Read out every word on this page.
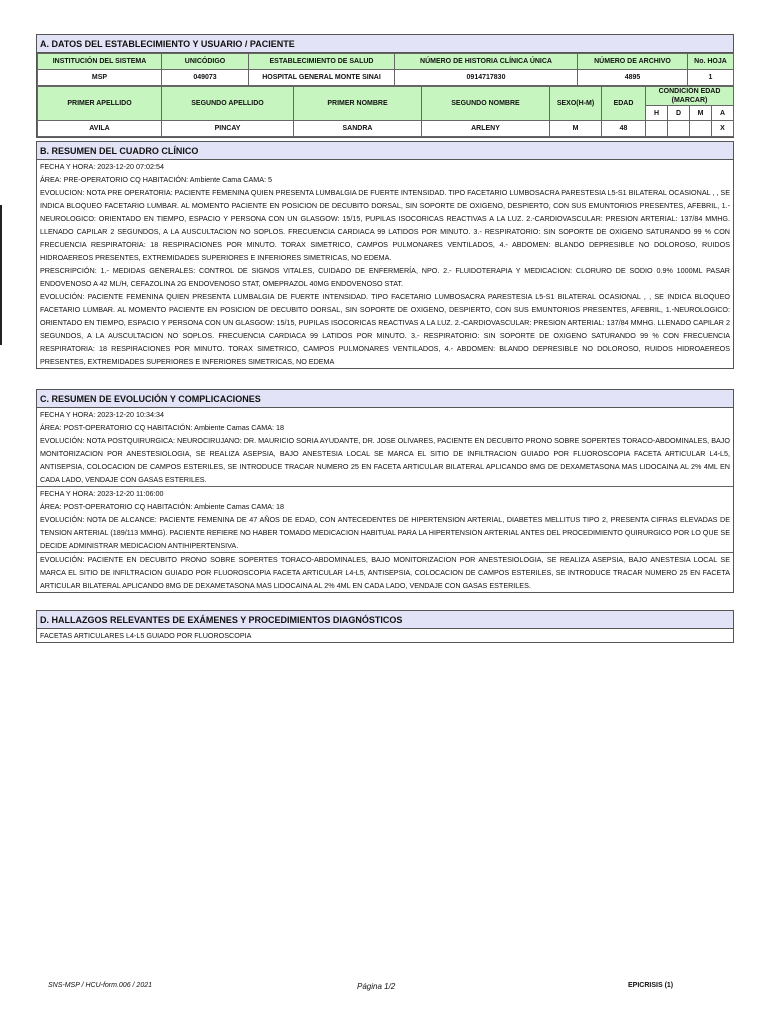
A. DATOS DEL ESTABLECIMIENTO Y USUARIO / PACIENTE
INSTITUCIÓN DEL SISTEMA	UNICÓDIGO	ESTABLECIMIENTO DE SALUD	NÚMERO DE HISTORIA CLÍNICA ÚNICA	NÚMERO DE ARCHIVO	No. HOJA
MSP	049073	HOSPITAL GENERAL MONTE SINAI	0914717830	4895	1
PRIMER APELLIDO	SEGUNDO APELLIDO	PRIMER NOMBRE	SEGUNDO NOMBRE	SEXO(H-M)	EDAD	CONDICIÓN EDAD (MARCAR)			
						H	D	M	A
AVILA	PINCAY	SANDRA	ARLENY	M	48				X
B. RESUMEN DEL CUADRO CLÍNICO

FECHA Y HORA: 2023-12-20 07:02:54

ÁREA: PRE-OPERATORIO CQ HABITACIÓN: Ambiente Cama CAMA: 5

EVOLUCION: NOTA PRE OPERATORIA: PACIENTE FEMENINA QUIEN PRESENTA LUMBALGIA DE FUERTE INTENSIDAD. TIPO FACETARIO LUMBOSACRA PARESTESIA L5-S1 BILATERAL OCASIONAL , , SE INDICA BLOQUEO FACETARIO LUMBAR. AL MOMENTO PACIENTE EN POSICION DE DECUBITO DORSAL, SIN SOPORTE DE OXIGENO, DESPIERTO, CON SUS EMUNTORIOS PRESENTES, AFEBRIL, 1.-NEUROLOGICO: ORIENTADO EN TIEMPO, ESPACIO Y PERSONA CON UN GLASGOW: 15/15, PUPILAS ISOCORICAS REACTIVAS A LA LUZ. 2.-CARDIOVASCULAR: PRESION ARTERIAL: 137/84 MMHG. LLENADO CAPILAR 2 SEGUNDOS, A LA AUSCULTACION NO SOPLOS. FRECUENCIA CARDIACA 99 LATIDOS POR MINUTO. 3.- RESPIRATORIO: SIN SOPORTE DE OXIGENO SATURANDO 99 % CON FRECUENCIA RESPIRATORIA: 18 RESPIRACIONES POR MINUTO. TORAX SIMETRICO, CAMPOS PULMONARES VENTILADOS, 4.- ABDOMEN: BLANDO DEPRESIBLE NO DOLOROSO, RUIDOS HIDROAEREOS PRESENTES, EXTREMIDADES SUPERIORES E INFERIORES SIMETRICAS, NO EDEMA.

PRESCRIPCIÓN: 1.- MEDIDAS GENERALES: CONTROL DE SIGNOS VITALES, CUIDADO DE ENFERMERÍA, NPO. 2.- FLUIDOTERAPIA Y MEDICACION: CLORURO DE SODIO 0.9% 1000ML PASAR ENDOVENOSO A 42 ML/H, CEFAZOLINA 2G ENDOVENOSO STAT, OMEPRAZOL 40MG ENDOVENOSO STAT.

EVOLUCIÓN: PACIENTE FEMENINA QUIEN PRESENTA LUMBALGIA DE FUERTE INTENSIDAD. TIPO FACETARIO LUMBOSACRA PARESTESIA L5-S1 BILATERAL OCASIONAL , , SE INDICA BLOQUEO FACETARIO LUMBAR. AL MOMENTO PACIENTE EN POSICION DE DECUBITO DORSAL, SIN SOPORTE DE OXIGENO, DESPIERTO, CON SUS EMUNTORIOS PRESENTES, AFEBRIL, 1.-NEUROLOGICO: ORIENTADO EN TIEMPO, ESPACIO Y PERSONA CON UN GLASGOW: 15/15, PUPILAS ISOCORICAS REACTIVAS A LA LUZ. 2.-CARDIOVASCULAR: PRESION ARTERIAL: 137/84 MMHG. LLENADO CAPILAR 2 SEGUNDOS, A LA AUSCULTACION NO SOPLOS. FRECUENCIA CARDIACA 99 LATIDOS POR MINUTO. 3.- RESPIRATORIO: SIN SOPORTE DE OXIGENO SATURANDO 99 % CON FRECUENCIA RESPIRATORIA: 18 RESPIRACIONES POR MINUTO. TORAX SIMETRICO, CAMPOS PULMONARES VENTILADOS, 4.- ABDOMEN: BLANDO DEPRESIBLE NO DOLOROSO, RUIDOS HIDROAEREOS PRESENTES, EXTREMIDADES SUPERIORES E INFERIORES SIMETRICAS, NO EDEMA

C. RESUMEN DE EVOLUCIÓN Y COMPLICACIONES

FECHA Y HORA: 2023-12-20 10:34:34

ÁREA: POST-OPERATORIO CQ HABITACIÓN: Ambiente Camas CAMA: 18

EVOLUCIÓN: NOTA POSTQUIRURGICA: NEUROCIRUJANO: DR. MAURICIO SORIA AYUDANTE, DR. JOSE OLIVARES, PACIENTE EN DECUBITO PRONO SOBRE SOPERTES TORACO-ABDOMINALES, BAJO MONITORIZACION POR ANESTESIOLOGIA, SE REALIZA ASEPSIA, BAJO ANESTESIA LOCAL SE MARCA EL SITIO DE INFILTRACION GUIADO POR FLUOROSCOPIA FACETA ARTICULAR L4-L5, ANTISEPSIA, COLOCACION DE CAMPOS ESTERILES, SE INTRODUCE TRACAR NUMERO 25 EN FACETA ARTICULAR BILATERAL APLICANDO 8MG DE DEXAMETASONA MAS LIDOCAINA AL 2% 4ML EN CADA LADO, VENDAJE CON GASAS ESTERILES.

FECHA Y HORA: 2023-12-20 11:06:00

ÁREA: POST-OPERATORIO CQ HABITACIÓN: Ambiente Camas CAMA: 18

EVOLUCIÓN: NOTA DE ALCANCE: PACIENTE FEMENINA DE 47 AÑOS DE EDAD, CON ANTECEDENTES DE HIPERTENSION ARTERIAL, DIABETES MELLITUS TIPO 2, PRESENTA CIFRAS ELEVADAS DE TENSION ARTERIAL (189/113 MMHG). PACIENTE REFIERE NO HABER TOMADO MEDICACION HABITUAL PARA LA HIPERTENSION ARTERIAL ANTES DEL PROCEDIMIENTO QUIRURGICO POR LO QUE SE DECIDE ADMINISTRAR MEDICACION ANTIHIPERTENSIVA.

EVOLUCIÓN: PACIENTE EN DECUBITO PRONO SOBRE SOPERTES TORACO-ABDOMINALES, BAJO MONITORIZACION POR ANESTESIOLOGIA, SE REALIZA ASEPSIA, BAJO ANESTESIA LOCAL SE MARCA EL SITIO DE INFILTRACION GUIADO POR FLUOROSCOPIA FACETA ARTICULAR L4-L5, ANTISEPSIA, COLOCACION DE CAMPOS ESTERILES, SE INTRODUCE TRACAR NUMERO 25 EN FACETA ARTICULAR BILATERAL APLICANDO 8MG DE DEXAMETASONA MAS LIDOCAINA AL 2% 4ML EN CADA LADO, VENDAJE CON GASAS ESTERILES.

D. HALLAZGOS RELEVANTES DE EXÁMENES Y PROCEDIMIENTOS DIAGNÓSTICOS
FACETAS ARTICULARES L4-L5 GUIADO POR FLUOROSCOPIA
SNS-MSP / HCU-form.006 / 2021	Página 1/2	EPICRISIS (1)
